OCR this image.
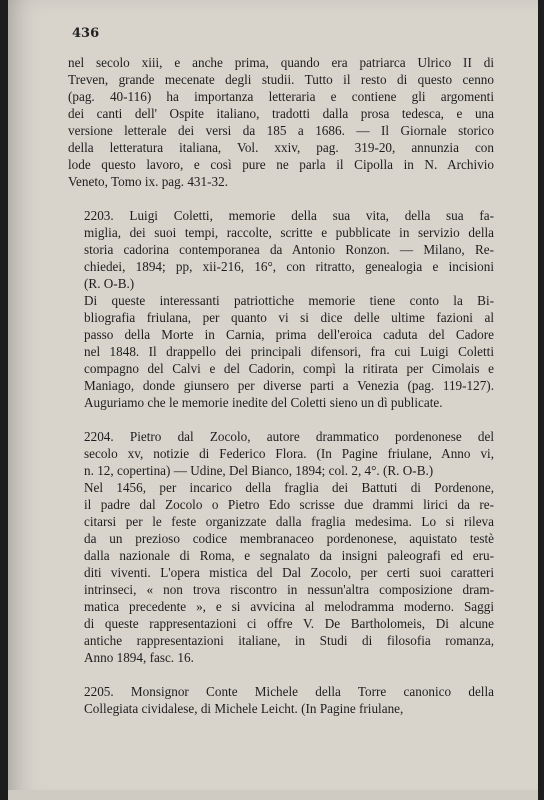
436
nel secolo xiii, e anche prima, quando era patriarca Ulrico II di
Treven, grande mecenate degli studii. Tutto il resto di questo cenno
(pag. 40-116) ha importanza letteraria e contiene gli argomenti
dei canti dell' Ospite italiano, tradotti dalla prosa tedesca, e una
versione letterale dei versi da 185 a 1686. — Il Giornale storico
della letteratura italiana, Vol. xxiv, pag. 319-20, annunzia con
lode questo lavoro, e così pure ne parla il Cipolla in N. Archivio
Veneto, Tomo ix. pag. 431-32.
2203. Luigi Coletti, memorie della sua vita, della sua fa-
miglia, dei suoi tempi, raccolte, scritte e pubblicate in servizio della
storia cadorina contemporanea da Antonio Ronzon. — Milano, Re-
chiedei, 1894; pp, xii-216, 16°, con ritratto, genealogia e incisioni
(R. O-B.)
Di queste interessanti patriottiche memorie tiene conto la Bi-
bliografia friulana, per quanto vi si dice delle ultime fazioni al
passo della Morte in Carnia, prima dell'eroica caduta del Cadore
nel 1848. Il drappello dei principali difensori, fra cui Luigi Coletti
compagno del Calvi e del Cadorin, compì la ritirata per Cimolais e
Maniago, donde giunsero per diverse parti a Venezia (pag. 119-127).
Auguriamo che le memorie inedite del Coletti sieno un dì publicate.
2204. Pietro dal Zocolo, autore drammatico pordenonese del
secolo xv, notizie di Federico Flora. (In Pagine friulane, Anno vi,
n. 12, copertina) — Udine, Del Bianco, 1894; col. 2, 4°. (R. O-B.)
Nel 1456, per incarico della fraglia dei Battuti di Pordenone,
il padre dal Zocolo o Pietro Edo scrisse due drammi lirici da re-
citarsi per le feste organizzate dalla fraglia medesima. Lo si rileva
da un prezioso codice membranaceo pordenonese, aquistato testè
dalla nazionale di Roma, e segnalato da insigni paleografi ed eru-
diti viventi. L'opera mistica del Dal Zocolo, per certi suoi caratteri
intrinseci, « non trova riscontro in nessun'altra composizione dram-
matica precedente », e si avvicina al melodramma moderno. Saggi
di queste rappresentazioni ci offre V. De Bartholomeis, Di alcune
antiche rappresentazioni italiane, in Studi di filosofia romanza,
Anno 1894, fasc. 16.
2205. Monsignor Conte Michele della Torre canonico della
Collegiata cividalese, di Michele Leicht. (In Pagine friulane,
